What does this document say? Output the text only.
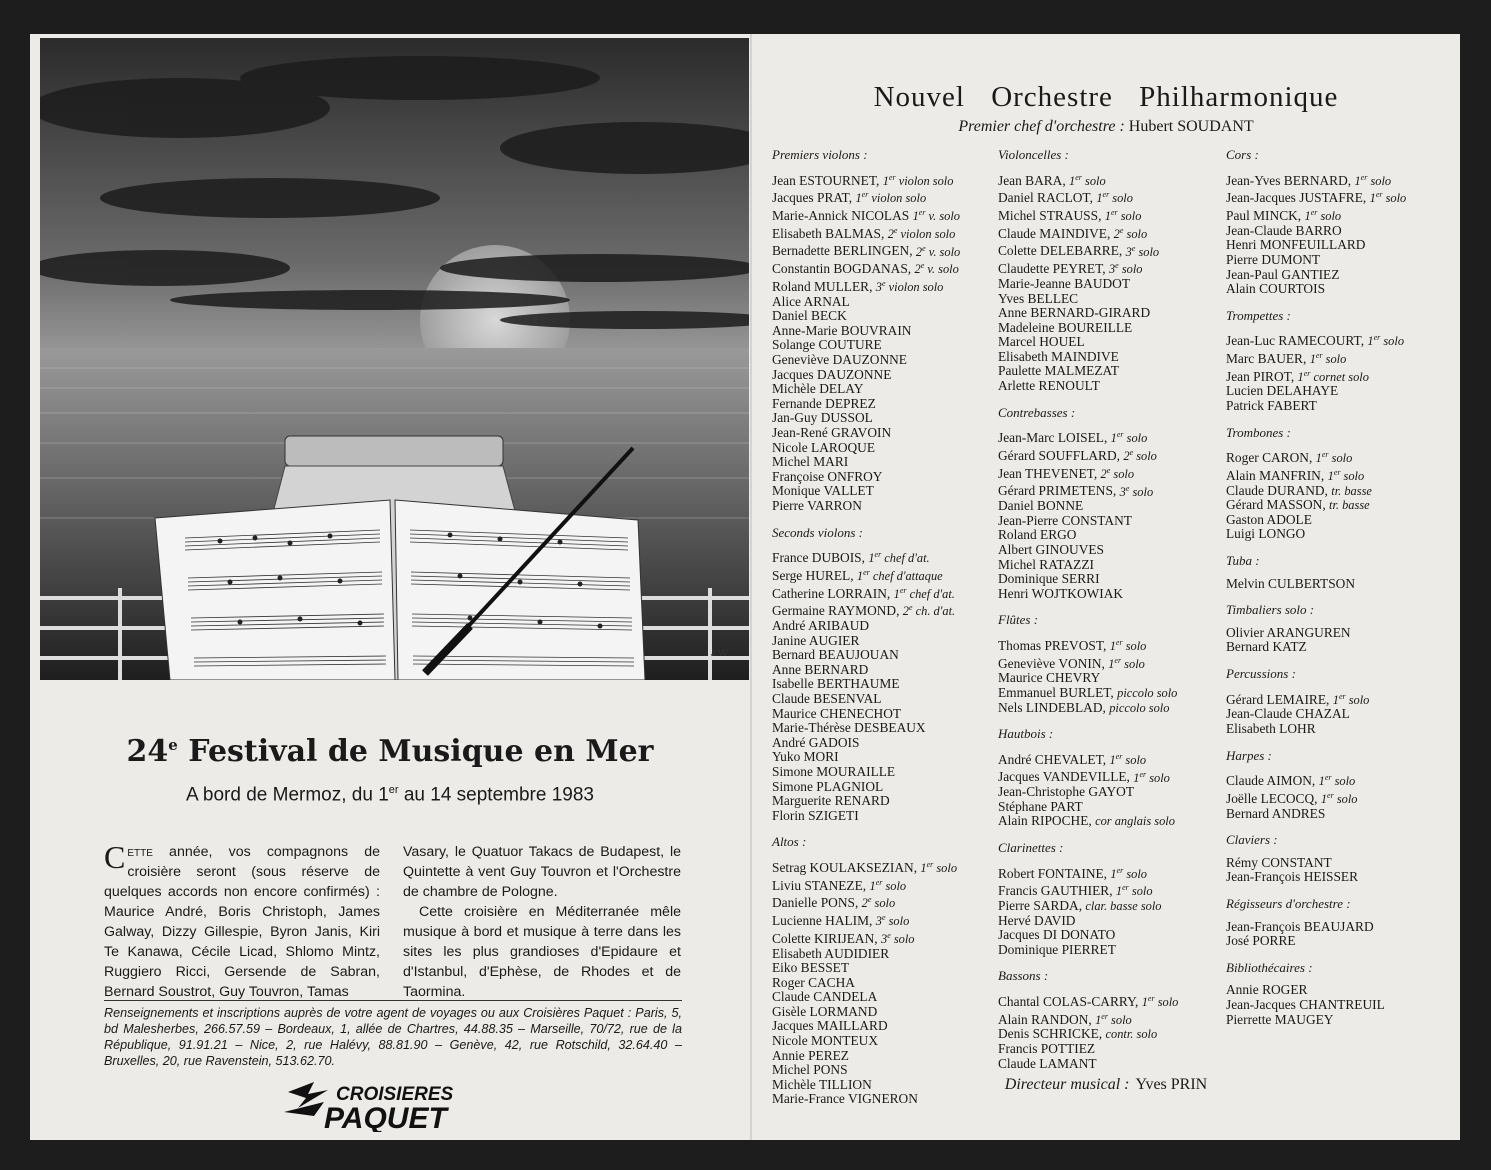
J.W.
24e Festival de Musique en Mer
A bord de Mermoz, du 1er au 14 septembre 1983
Cette année, vos compagnons de croisière seront (sous réserve de quelques accords non encore confirmés) : Maurice André, Boris Christoph, James Galway, Dizzy Gillespie, Byron Janis, Kiri Te Kanawa, Cécile Licad, Shlomo Mintz, Ruggiero Ricci, Gersende de Sabran, Bernard Soustrot, Guy Touvron, Tamas
Vasary, le Quatuor Takacs de Budapest, le Quintette à vent Guy Touvron et l'Orchestre de chambre de Pologne.
Cette croisière en Méditerranée mêle musique à bord et musique à terre dans les sites les plus grandioses d'Epidaure et d'Istanbul, d'Ephèse, de Rhodes et de Taormina.
Renseignements et inscriptions auprès de votre agent de voyages ou aux Croisières Paquet : Paris, 5, bd Malesherbes, 266.57.59 – Bordeaux, 1, allée de Chartres, 44.88.35 – Marseille, 70/72, rue de la République, 91.91.21 – Nice, 2, rue Halévy, 88.81.90 – Genève, 42, rue Rotschild, 32.64.40 – Bruxelles, 20, rue Ravenstein, 513.62.70.
CROISIERES
PAQUET
Nouvel Orchestre Philharmonique
Premier chef d'orchestre : Hubert SOUDANT
Premiers violons :
Jean ESTOURNET, 1er violon solo
Jacques PRAT, 1er violon solo
Marie-Annick NICOLAS 1er v. solo
Elisabeth BALMAS, 2e violon solo
Bernadette BERLINGEN, 2e v. solo
Constantin BOGDANAS, 2e v. solo
Roland MULLER, 3e violon solo
Alice ARNAL
Daniel BECK
Anne-Marie BOUVRAIN
Solange COUTURE
Geneviève DAUZONNE
Jacques DAUZONNE
Michèle DELAY
Fernande DEPREZ
Jan-Guy DUSSOL
Jean-René GRAVOIN
Nicole LAROQUE
Michel MARI
Françoise ONFROY
Monique VALLET
Pierre VARRON
Seconds violons :
France DUBOIS, 1er chef d'at.
Serge HUREL, 1er chef d'attaque
Catherine LORRAIN, 1er chef d'at.
Germaine RAYMOND, 2e ch. d'at.
André ARIBAUD
Janine AUGIER
Bernard BEAUJOUAN
Anne BERNARD
Isabelle BERTHAUME
Claude BESENVAL
Maurice CHENECHOT
Marie-Thérèse DESBEAUX
André GADOIS
Yuko MORI
Simone MOURAILLE
Simone PLAGNIOL
Marguerite RENARD
Florin SZIGETI
Altos :
Setrag KOULAKSEZIAN, 1er solo
Liviu STANEZE, 1er solo
Danielle PONS, 2e solo
Lucienne HALIM, 3e solo
Colette KIRIJEAN, 3e solo
Elisabeth AUDIDIER
Eiko BESSET
Roger CACHA
Claude CANDELA
Gisèle LORMAND
Jacques MAILLARD
Nicole MONTEUX
Annie PEREZ
Michel PONS
Michèle TILLION
Marie-France VIGNERON
Violoncelles :
Jean BARA, 1er solo
Daniel RACLOT, 1er solo
Michel STRAUSS, 1er solo
Claude MAINDIVE, 2e solo
Colette DELEBARRE, 3e solo
Claudette PEYRET, 3e solo
Marie-Jeanne BAUDOT
Yves BELLEC
Anne BERNARD-GIRARD
Madeleine BOUREILLE
Marcel HOUEL
Elisabeth MAINDIVE
Paulette MALMEZAT
Arlette RENOULT
Contrebasses :
Jean-Marc LOISEL, 1er solo
Gérard SOUFFLARD, 2e solo
Jean THEVENET, 2e solo
Gérard PRIMETENS, 3e solo
Daniel BONNE
Jean-Pierre CONSTANT
Roland ERGO
Albert GINOUVES
Michel RATAZZI
Dominique SERRI
Henri WOJTKOWIAK
Flûtes :
Thomas PREVOST, 1er solo
Geneviève VONIN, 1er solo
Maurice CHEVRY
Emmanuel BURLET, piccolo solo
Nels LINDEBLAD, piccolo solo
Hautbois :
André CHEVALET, 1er solo
Jacques VANDEVILLE, 1er solo
Jean-Christophe GAYOT
Stéphane PART
Alain RIPOCHE, cor anglais solo
Clarinettes :
Robert FONTAINE, 1er solo
Francis GAUTHIER, 1er solo
Pierre SARDA, clar. basse solo
Hervé DAVID
Jacques DI DONATO
Dominique PIERRET
Bassons :
Chantal COLAS-CARRY, 1er solo
Alain RANDON, 1er solo
Denis SCHRICKE, contr. solo
Francis POTTIEZ
Claude LAMANT
Cors :
Jean-Yves BERNARD, 1er solo
Jean-Jacques JUSTAFRE, 1er solo
Paul MINCK, 1er solo
Jean-Claude BARRO
Henri MONFEUILLARD
Pierre DUMONT
Jean-Paul GANTIEZ
Alain COURTOIS
Trompettes :
Jean-Luc RAMECOURT, 1er solo
Marc BAUER, 1er solo
Jean PIROT, 1er cornet solo
Lucien DELAHAYE
Patrick FABERT
Trombones :
Roger CARON, 1er solo
Alain MANFRIN, 1er solo
Claude DURAND, tr. basse
Gérard MASSON, tr. basse
Gaston ADOLE
Luigi LONGO
Tuba :
Melvin CULBERTSON
Timbaliers solo :
Olivier ARANGUREN
Bernard KATZ
Percussions :
Gérard LEMAIRE, 1er solo
Jean-Claude CHAZAL
Elisabeth LOHR
Harpes :
Claude AIMON, 1er solo
Joëlle LECOCQ, 1er solo
Bernard ANDRES
Claviers :
Rémy CONSTANT
Jean-François HEISSER
Régisseurs d'orchestre :
Jean-François BEAUJARD
José PORRE
Bibliothécaires :
Annie ROGER
Jean-Jacques CHANTREUIL
Pierrette MAUGEY
Directeur musical : Yves PRIN
